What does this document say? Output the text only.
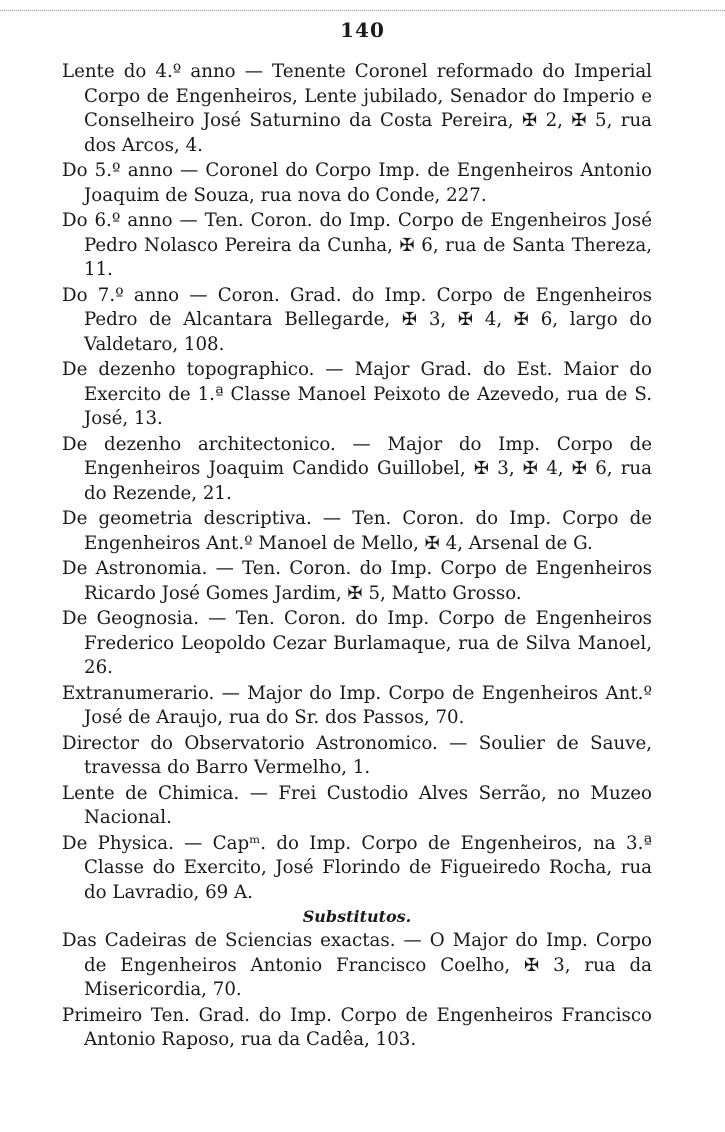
140

Lente do 4.º anno — Tenente Coronel reformado do Imperial Corpo de Engenheiros, Lente jubilado, Senador do Imperio e Conselheiro José Saturnino da Costa Pereira, ✠ 2, ✠ 5, rua dos Arcos, 4.

Do 5.º anno — Coronel do Corpo Imp. de Engenheiros Antonio Joaquim de Souza, rua nova do Conde, 227.

Do 6.º anno — Ten. Coron. do Imp. Corpo de Engenheiros José Pedro Nolasco Pereira da Cunha, ✠ 6, rua de Santa Thereza, 11.

Do 7.º anno — Coron. Grad. do Imp. Corpo de Engenheiros Pedro de Alcantara Bellegarde, ✠ 3, ✠ 4, ✠ 6, largo do Valdetaro, 108.

De dezenho topographico. — Major Grad. do Est. Maior do Exercito de 1.ª Classe Manoel Peixoto de Azevedo, rua de S. José, 13.

De dezenho architectonico. — Major do Imp. Corpo de Engenheiros Joaquim Candido Guillobel, ✠ 3, ✠ 4, ✠ 6, rua do Rezende, 21.

De geometria descriptiva. — Ten. Coron. do Imp. Corpo de Engenheiros Ant.º Manoel de Mello, ✠ 4, Arsenal de G.

De Astronomia. — Ten. Coron. do Imp. Corpo de Engenheiros Ricardo José Gomes Jardim, ✠ 5, Matto Grosso.

De Geognosia. — Ten. Coron. do Imp. Corpo de Engenheiros Frederico Leopoldo Cezar Burlamaque, rua de Silva Manoel, 26.

Extranumerario. — Major do Imp. Corpo de Engenheiros Ant.º José de Araujo, rua do Sr. dos Passos, 70.

Director do Observatorio Astronomico. — Soulier de Sauve, travessa do Barro Vermelho, 1.

Lente de Chimica. — Frei Custodio Alves Serrão, no Muzeo Nacional.

De Physica. — Capᵐ. do Imp. Corpo de Engenheiros, na 3.ª Classe do Exercito, José Florindo de Figueiredo Rocha, rua do Lavradio, 69 A.

Substitutos.

Das Cadeiras de Sciencias exactas. — O Major do Imp. Corpo de Engenheiros Antonio Francisco Coelho, ✠ 3, rua da Misericordia, 70.

Primeiro Ten. Grad. do Imp. Corpo de Engenheiros Francisco Antonio Raposo, rua da Cadêa, 103.
